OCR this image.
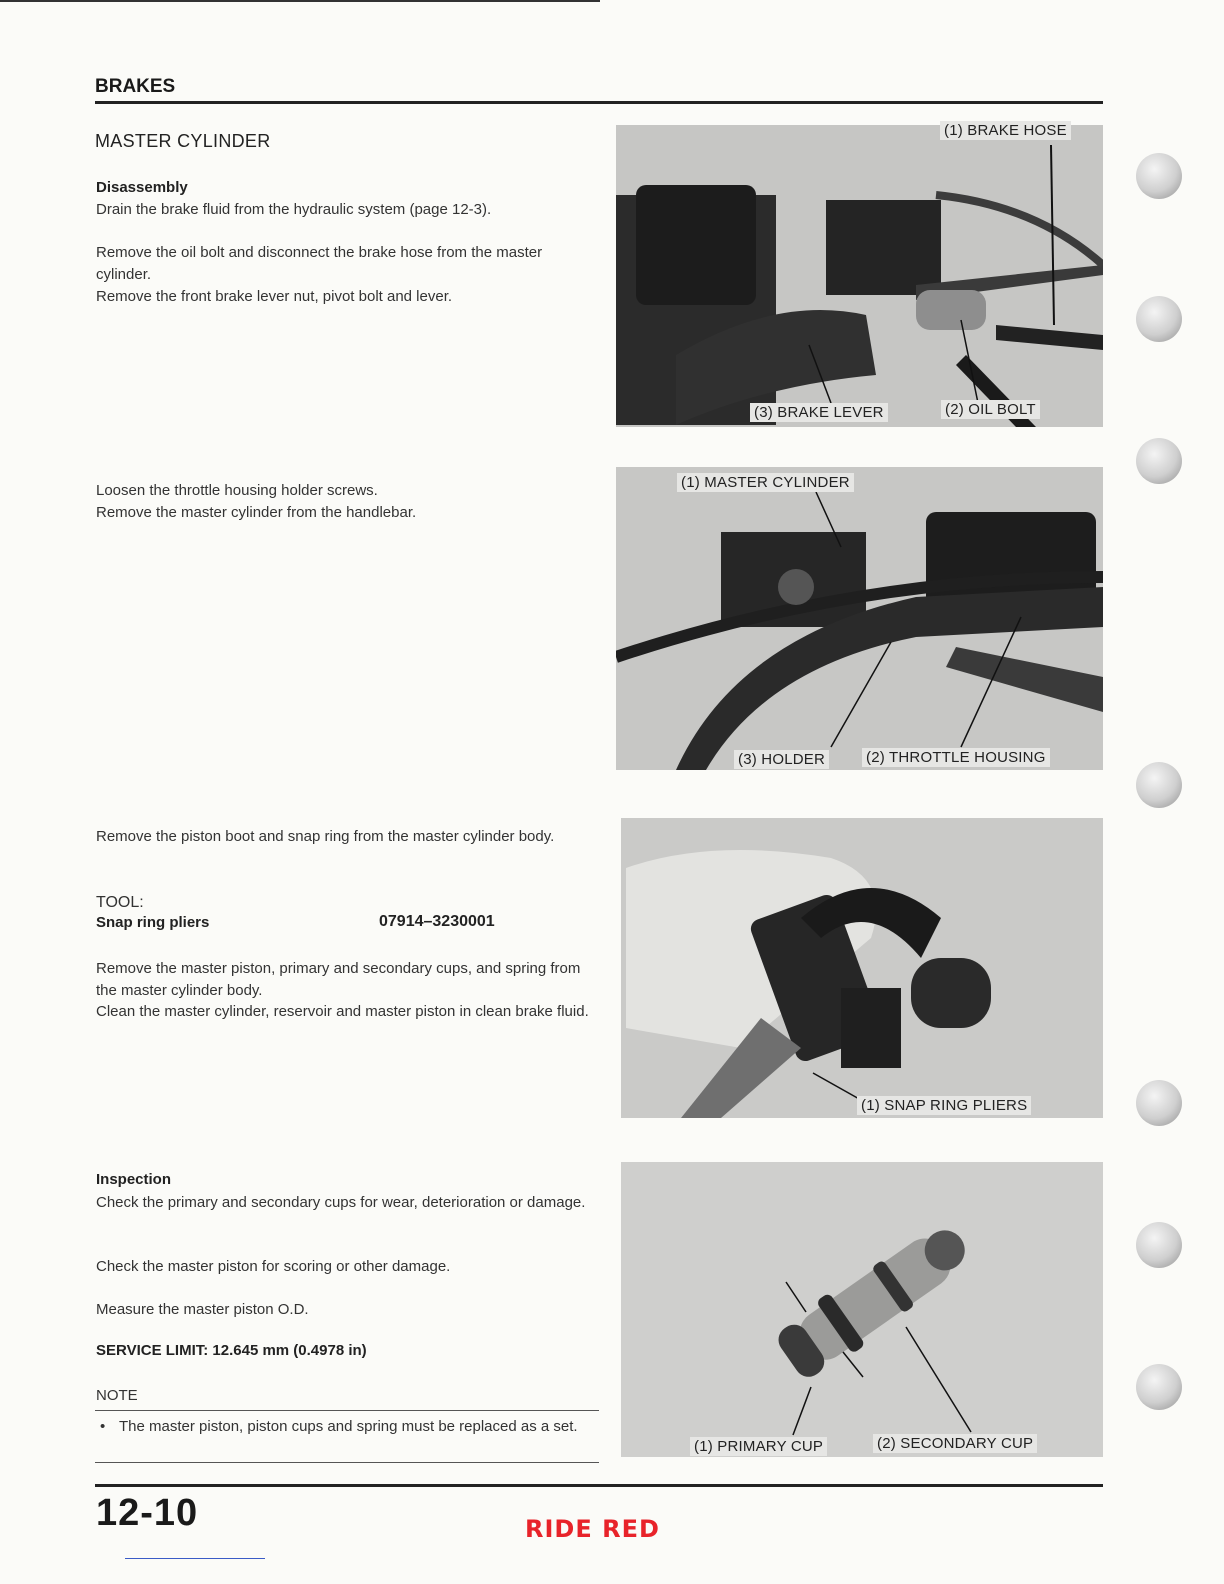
BRAKES
MASTER CYLINDER
Disassembly
Drain the brake fluid from the hydraulic system (page 12-3).
Remove the oil bolt and disconnect the brake hose from the master cylinder.
Remove the front brake lever nut, pivot bolt and lever.
Loosen the throttle housing holder screws.
Remove the master cylinder from the handlebar.
Remove the piston boot and snap ring from the master cylinder body.
TOOL:
Snap ring pliers	07914–3230001
Remove the master piston, primary and secondary cups, and spring from the master cylinder body.
Clean the master cylinder, reservoir and master piston in clean brake fluid.
Inspection
Check the primary and secondary cups for wear, deterioration or damage.
Check the master piston for scoring or other damage.
Measure the master piston O.D.
SERVICE LIMIT: 12.645 mm (0.4978 in)
NOTE
• The master piston, piston cups and spring must be replaced as a set.
(1) BRAKE HOSE
(2) OIL BOLT
(3) BRAKE LEVER
(1) MASTER CYLINDER
(2) THROTTLE HOUSING
(3) HOLDER
(1) SNAP RING PLIERS
(1) PRIMARY CUP	(2) SECONDARY CUP
12-10	RIDE RED
